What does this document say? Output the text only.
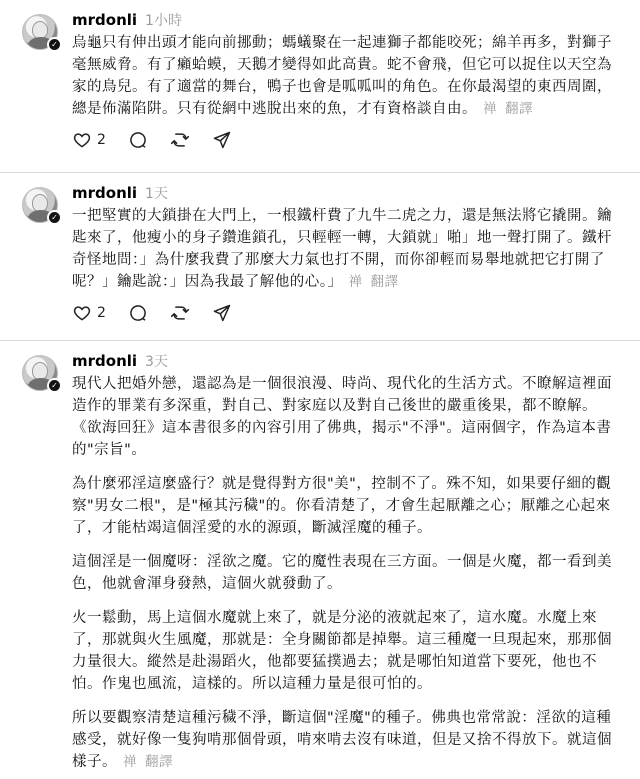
✓
mrdonli 1小時

烏龜只有伸出頭才能向前挪動；螞蟻聚在一起連獅子都能咬死；綿羊再多，對獅子毫無威脅。有了癩蛤蟆，天鵝才變得如此高貴。蛇不會飛，但它可以捉住以天空為家的鳥兒。有了適當的舞台，鴨子也會是呱呱叫的角色。在你最渴望的東西周圍，總是佈滿陷阱。只有從網中逃脫出來的魚，才有資格談自由。 禅 翻譯

2
✓
mrdonli 1天

一把堅實的大鎖掛在大門上，一根鐵杆費了九牛二虎之力，還是無法將它撬開。鑰匙來了，他瘦小的身子鑽進鎖孔，只輕輕一轉，大鎖就」啪」地一聲打開了。鐵杆奇怪地問：」為什麼我費了那麼大力氣也打不開，而你卻輕而易舉地就把它打開了呢？」鑰匙說：」因為我最了解他的心。」 禅 翻譯

2
✓
mrdonli 3天

現代人把婚外戀，還認為是一個很浪漫、時尚、現代化的生活方式。不瞭解這裡面造作的罪業有多深重，對自己、對家庭以及對自己後世的嚴重後果，都不瞭解。《欲海回狂》這本書很多的內容引用了佛典，揭示"不淨"。這兩個字，作為這本書的"宗旨"。

為什麼邪淫這麼盛行？就是覺得對方很"美"，控制不了。殊不知，如果要仔細的觀察"男女二根"，是"極其污穢"的。你看清楚了，才會生起厭離之心；厭離之心起來了，才能枯竭這個淫愛的水的源頭，斷滅淫魔的種子。

這個淫是一個魔呀：淫欲之魔。它的魔性表現在三方面。一個是火魔，都一看到美色，他就會渾身發熱，這個火就發動了。

火一鬆動，馬上這個水魔就上來了，就是分泌的液就起來了，這水魔。水魔上來了，那就與火生風魔，那就是：全身關節都是掉舉。這三種魔一旦現起來，那那個力量很大。縱然是赴湯蹈火，他都要猛撲過去；就是哪怕知道當下要死，他也不怕。作鬼也風流，這樣的。所以這種力量是很可怕的。

所以要觀察清楚這種污穢不淨，斷這個"淫魔"的種子。佛典也常常說：淫欲的這種感受，就好像一隻狗啃那個骨頭，啃來啃去沒有味道，但是又捨不得放下。就這個樣子。 禅 翻譯
